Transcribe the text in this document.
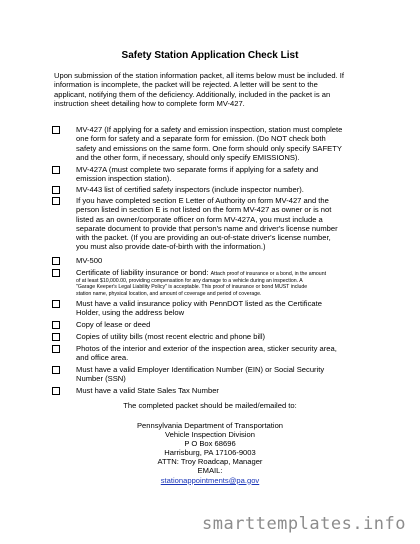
Safety Station Application Check List
Upon submission of the station information packet, all items below must be included. If
information is incomplete, the packet will be rejected. A letter will be sent to the
applicant, notifying them of the deficiency. Additionally, included in the packet is an
instruction sheet detailing how to complete form MV-427.
MV-427 (If applying for a safety and emission inspection, station must complete
one form for safety and a separate form for emission. (Do NOT check both
safety and emissions on the same form. One form should only specify SAFETY
and the other form, if necessary, should only specify EMISSIONS).
MV-427A (must complete two separate forms if applying for a safety and
emission inspection station).
MV-443 list of certified safety inspectors (include inspector number).
If you have completed section E Letter of Authority on form MV-427 and the
person listed in section E is not listed on the form MV-427 as owner or is not
listed as an owner/corporate officer on form MV-427A, you must include a
separate document to provide that person's name and driver's license number
with the packet. (If you are providing an out-of-state driver's license number,
you must also provide date-of-birth with the information.)
MV-500
Certificate of liability insurance or bond: Attach proof of insurance or a bond, in the amount
of at least $10,000.00, providing compensation for any damage to a vehicle during an inspection. A
"Garage Keeper's Legal Liability Policy" is acceptable. This proof of insurance or bond MUST include
station name, physical location, and amount of coverage and period of coverage.
Must have a valid insurance policy with PennDOT listed as the Certificate
Holder, using the address below
Copy of lease or deed
Copies of utility bills (most recent electric and phone bill)
Photos of the interior and exterior of the inspection area, sticker security area,
and office area.
Must have a valid Employer Identification Number (EIN) or Social Security
Number (SSN)
Must have a valid State Sales Tax Number
The completed packet should be mailed/emailed to:
Pennsylvania Department of Transportation
Vehicle Inspection Division
P O Box 68696
Harrisburg, PA 17106-9003
ATTN: Troy Roadcap, Manager
EMAIL:
stationappointments@pa.gov
smarttemplates.info
